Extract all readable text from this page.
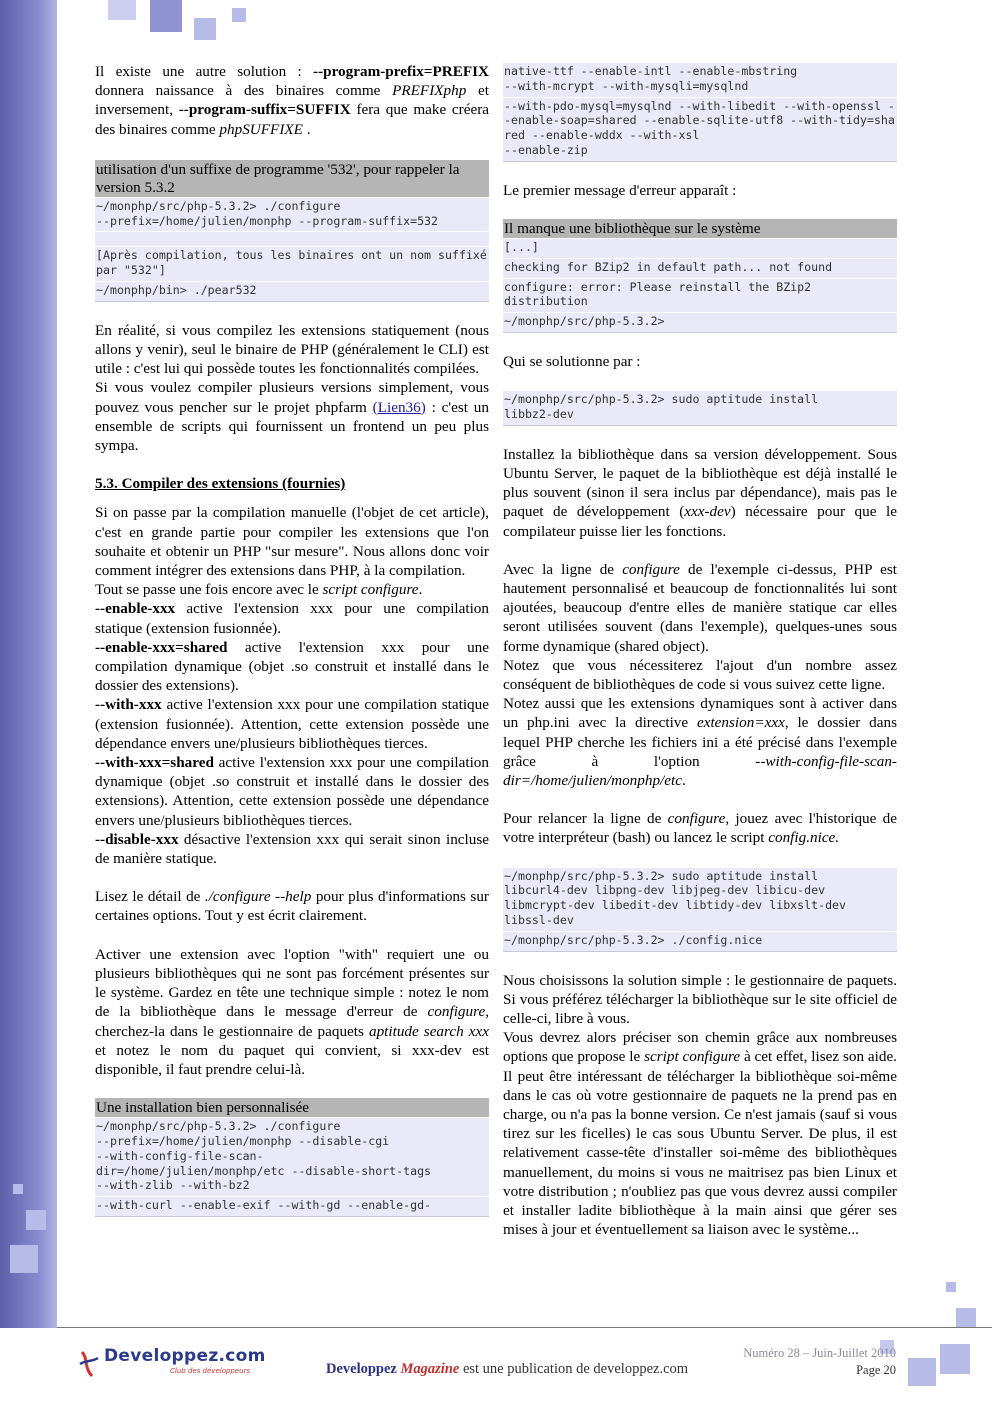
Il existe une autre solution : --program-prefix=PREFIX donnera naissance à des binaires comme PREFIXphp et inversement, --program-suffix=SUFFIX fera que make créera des binaires comme phpSUFFIXE .

utilisation d'un suffixe de programme '532', pour rappeler la version 5.3.2
~/monphp/src/php-5.3.2> ./configure
--prefix=/home/julien/monphp --program-suffix=532
[Après compilation, tous les binaires ont un nom suffixé par "532"]
~/monphp/bin> ./pear532

En réalité, si vous compilez les extensions statiquement (nous allons y venir), seul le binaire de PHP (généralement le CLI) est utile : c'est lui qui possède toutes les fonctionnalités compilées.

Si vous voulez compiler plusieurs versions simplement, vous pouvez vous pencher sur le projet phpfarm (Lien36) : c'est un ensemble de scripts qui fournissent un frontend un peu plus sympa.

5.3. Compiler des extensions (fournies)

Si on passe par la compilation manuelle (l'objet de cet article), c'est en grande partie pour compiler les extensions que l'on souhaite et obtenir un PHP "sur mesure". Nous allons donc voir comment intégrer des extensions dans PHP, à la compilation.

Tout se passe une fois encore avec le script configure.

--enable-xxx active l'extension xxx pour une compilation statique (extension fusionnée).

--enable-xxx=shared active l'extension xxx pour une compilation dynamique (objet .so construit et installé dans le dossier des extensions).

--with-xxx active l'extension xxx pour une compilation statique (extension fusionnée). Attention, cette extension possède une dépendance envers une/plusieurs bibliothèques tierces.

--with-xxx=shared active l'extension xxx pour une compilation dynamique (objet .so construit et installé dans le dossier des extensions). Attention, cette extension possède une dépendance envers une/plusieurs bibliothèques tierces.

--disable-xxx désactive l'extension xxx qui serait sinon incluse de manière statique.

Lisez le détail de ./configure --help pour plus d'informations sur certaines options. Tout y est écrit clairement.

Activer une extension avec l'option "with" requiert une ou plusieurs bibliothèques qui ne sont pas forcément présentes sur le système. Gardez en tête une technique simple : notez le nom de la bibliothèque dans le message d'erreur de configure, cherchez-la dans le gestionnaire de paquets aptitude search xxx et notez le nom du paquet qui convient, si xxx-dev est disponible, il faut prendre celui-là.

Une installation bien personnalisée
~/monphp/src/php-5.3.2> ./configure
--prefix=/home/julien/monphp --disable-cgi
--with-config-file-scan-
dir=/home/julien/monphp/etc --disable-short-tags
--with-zlib --with-bz2
--with-curl --enable-exif --with-gd --enable-gd-
native-ttf --enable-intl --enable-mbstring
--with-mcrypt --with-mysqli=mysqlnd
--with-pdo-mysql=mysqlnd --with-libedit --with-openssl --enable-soap=shared --enable-sqlite-utf8 --with-tidy=shared --enable-wddx --with-xsl
--enable-zip

Le premier message d'erreur apparaît :

Il manque une bibliothèque sur le système
[...]
checking for BZip2 in default path... not found
configure: error: Please reinstall the BZip2
distribution
~/monphp/src/php-5.3.2>

Qui se solutionne par :

~/monphp/src/php-5.3.2> sudo aptitude install
libbz2-dev

Installez la bibliothèque dans sa version développement. Sous Ubuntu Server, le paquet de la bibliothèque est déjà installé le plus souvent (sinon il sera inclus par dépendance), mais pas le paquet de développement (xxx-dev) nécessaire pour que le compilateur puisse lier les fonctions.

Avec la ligne de configure de l'exemple ci-dessus, PHP est hautement personnalisé et beaucoup de fonctionnalités lui sont ajoutées, beaucoup d'entre elles de manière statique car elles seront utilisées souvent (dans l'exemple), quelques-unes sous forme dynamique (shared object).

Notez que vous nécessiterez l'ajout d'un nombre assez conséquent de bibliothèques de code si vous suivez cette ligne.

Notez aussi que les extensions dynamiques sont à activer dans un php.ini avec la directive extension=xxx, le dossier dans lequel PHP cherche les fichiers ini a été précisé dans l'exemple grâce à l'option --with-config-file-scan-dir=/home/julien/monphp/etc.

Pour relancer la ligne de configure, jouez avec l'historique de votre interpréteur (bash) ou lancez le script config.nice.

~/monphp/src/php-5.3.2> sudo aptitude install
libcurl4-dev libpng-dev libjpeg-dev libicu-dev
libmcrypt-dev libedit-dev libtidy-dev libxslt-dev
libssl-dev
~/monphp/src/php-5.3.2> ./config.nice

Nous choisissons la solution simple : le gestionnaire de paquets. Si vous préférez télécharger la bibliothèque sur le site officiel de celle-ci, libre à vous.

Vous devrez alors préciser son chemin grâce aux nombreuses options que propose le script configure à cet effet, lisez son aide. Il peut être intéressant de télécharger la bibliothèque soi-même dans le cas où votre gestionnaire de paquets ne la prend pas en charge, ou n'a pas la bonne version. Ce n'est jamais (sauf si vous tirez sur les ficelles) le cas sous Ubuntu Server. De plus, il est relativement casse-tête d'installer soi-même des bibliothèques manuellement, du moins si vous ne maitrisez pas bien Linux et votre distribution ; n'oubliez pas que vous devrez aussi compiler et installer ladite bibliothèque à la main ainsi que gérer ses mises à jour et éventuellement sa liaison avec le système...

Developpez.com
Club des développeurs	Developpez Magazine est une publication de developpez.com
Numéro 28 – Juin-Juillet 2010
Page 20
